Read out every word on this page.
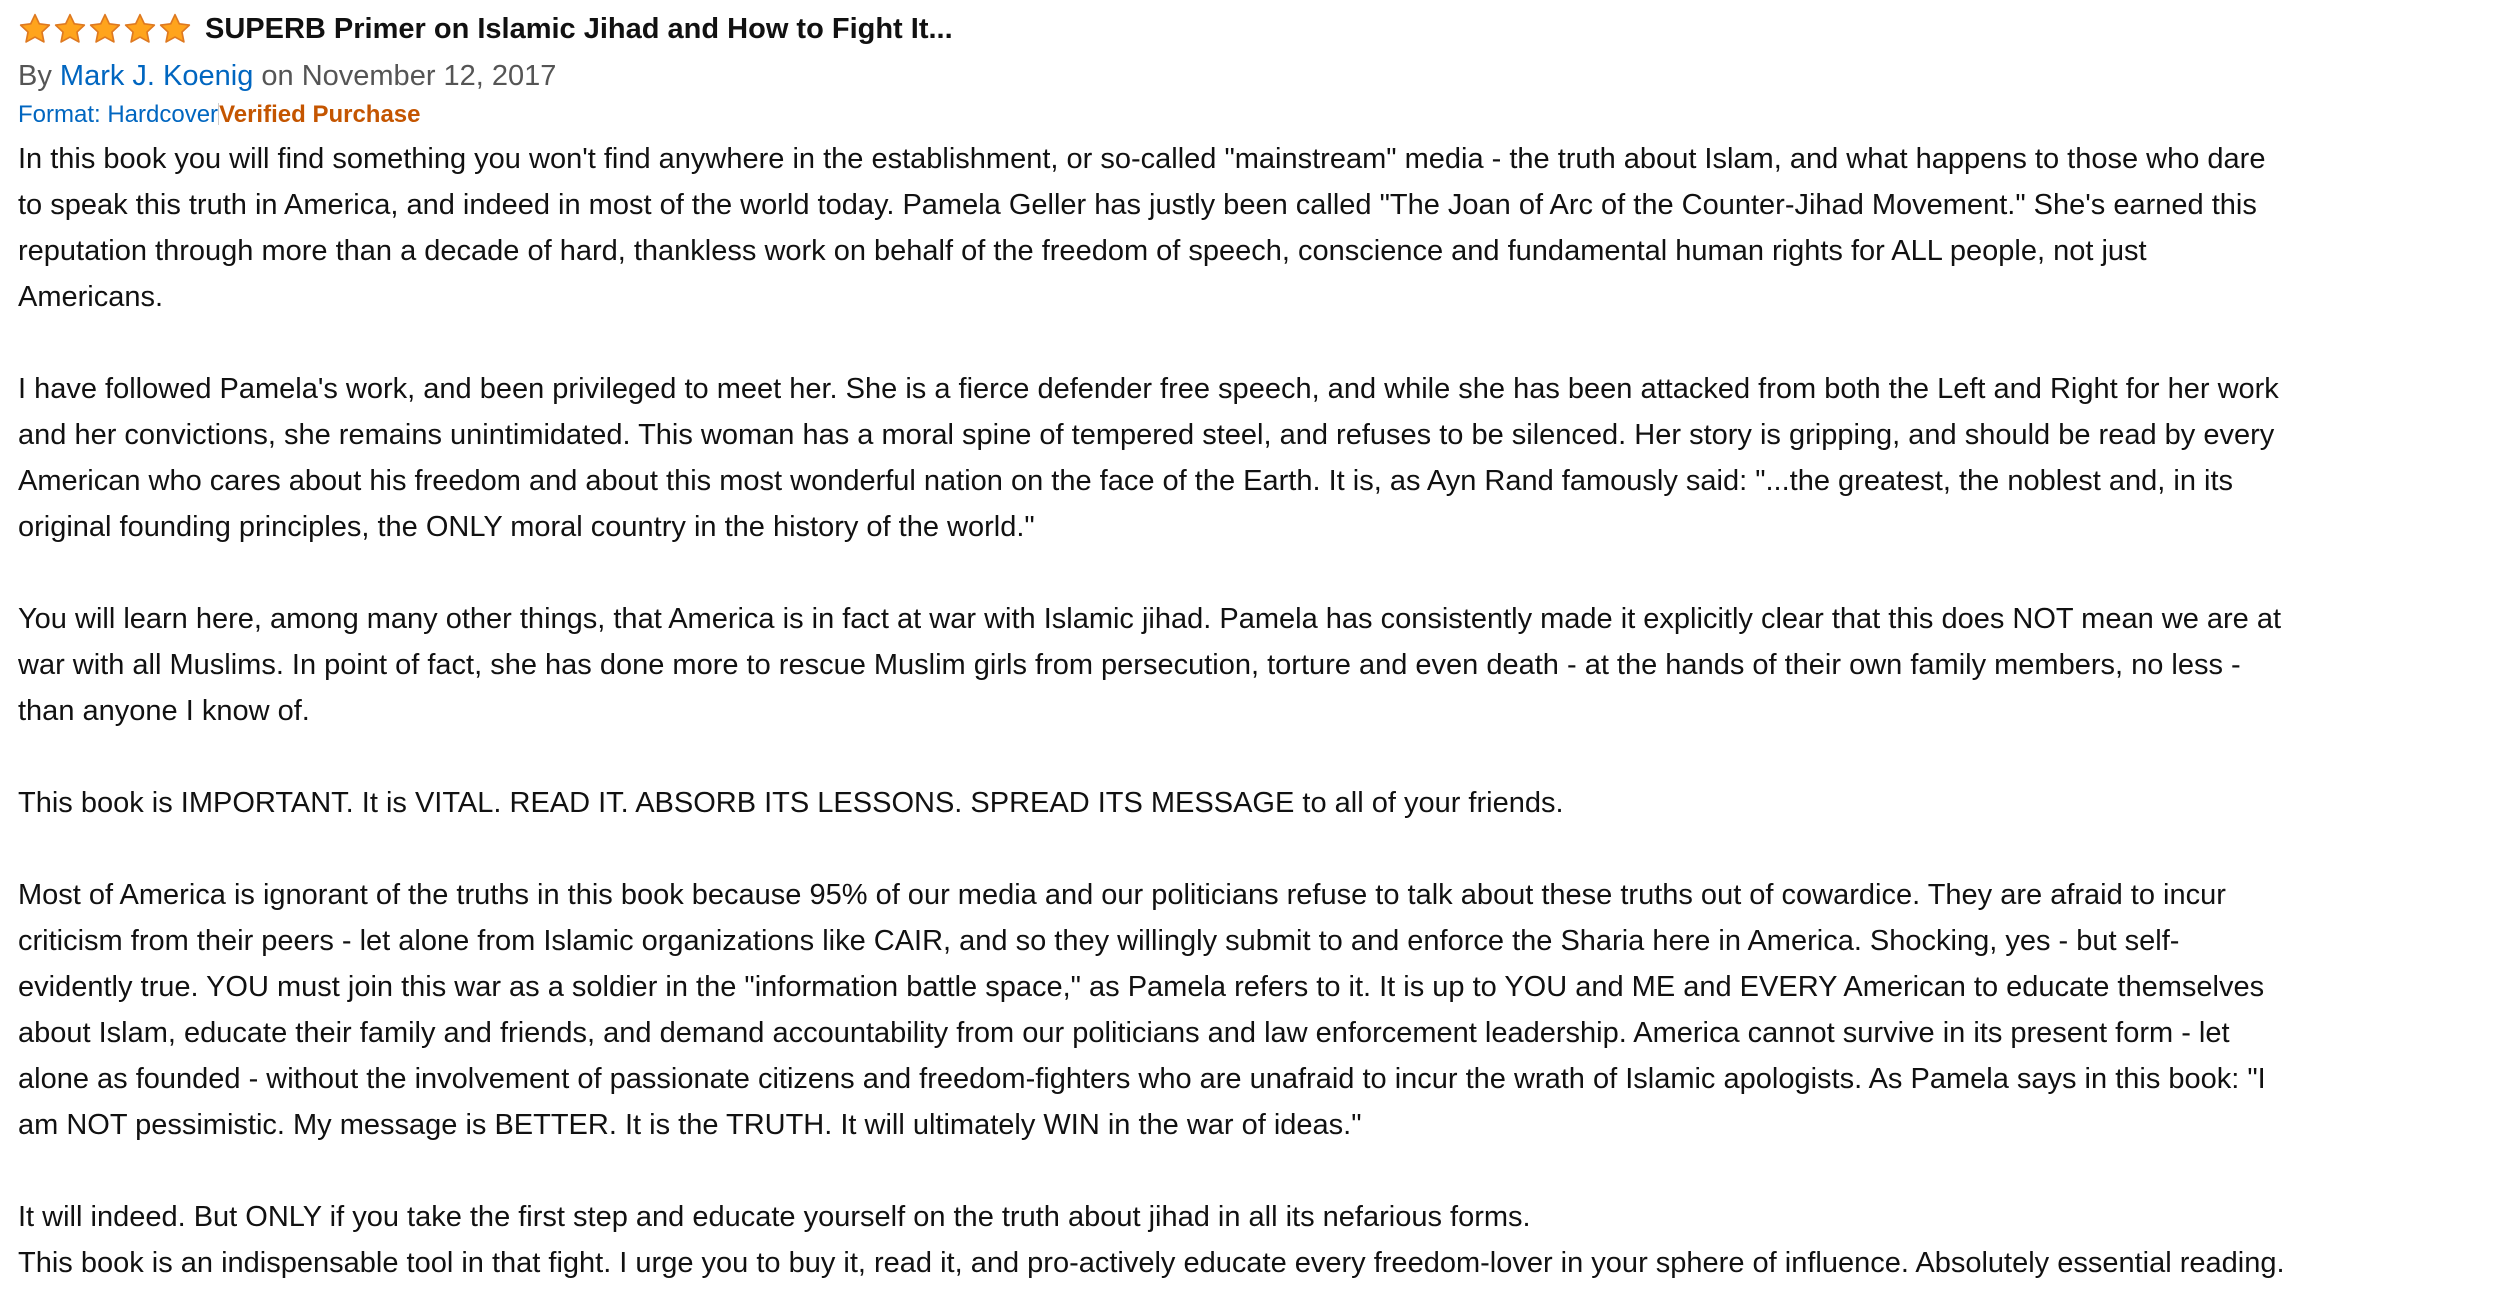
SUPERB Primer on Islamic Jihad and How to Fight It...
By Mark J. Koenig on November 12, 2017
Format: HardcoverVerified Purchase

In this book you will find something you won't find anywhere in the establishment, or so-called "mainstream" media - the truth about Islam, and what happens to those who dare
to speak this truth in America, and indeed in most of the world today. Pamela Geller has justly been called "The Joan of Arc of the Counter-Jihad Movement." She's earned this
reputation through more than a decade of hard, thankless work on behalf of the freedom of speech, conscience and fundamental human rights for ALL people, not just
Americans.

I have followed Pamela's work, and been privileged to meet her. She is a fierce defender free speech, and while she has been attacked from both the Left and Right for her work
and her convictions, she remains unintimidated. This woman has a moral spine of tempered steel, and refuses to be silenced. Her story is gripping, and should be read by every
American who cares about his freedom and about this most wonderful nation on the face of the Earth. It is, as Ayn Rand famously said: "...the greatest, the noblest and, in its
original founding principles, the ONLY moral country in the history of the world."

You will learn here, among many other things, that America is in fact at war with Islamic jihad. Pamela has consistently made it explicitly clear that this does NOT mean we are at
war with all Muslims. In point of fact, she has done more to rescue Muslim girls from persecution, torture and even death - at the hands of their own family members, no less -
than anyone I know of.

This book is IMPORTANT. It is VITAL. READ IT. ABSORB ITS LESSONS. SPREAD ITS MESSAGE to all of your friends.

Most of America is ignorant of the truths in this book because 95% of our media and our politicians refuse to talk about these truths out of cowardice. They are afraid to incur
criticism from their peers - let alone from Islamic organizations like CAIR, and so they willingly submit to and enforce the Sharia here in America. Shocking, yes - but self-
evidently true. YOU must join this war as a soldier in the "information battle space," as Pamela refers to it. It is up to YOU and ME and EVERY American to educate themselves
about Islam, educate their family and friends, and demand accountability from our politicians and law enforcement leadership. America cannot survive in its present form - let
alone as founded - without the involvement of passionate citizens and freedom-fighters who are unafraid to incur the wrath of Islamic apologists. As Pamela says in this book: "I
am NOT pessimistic. My message is BETTER. It is the TRUTH. It will ultimately WIN in the war of ideas."

It will indeed. But ONLY if you take the first step and educate yourself on the truth about jihad in all its nefarious forms.
This book is an indispensable tool in that fight. I urge you to buy it, read it, and pro-actively educate every freedom-lover in your sphere of influence. Absolutely essential reading.
